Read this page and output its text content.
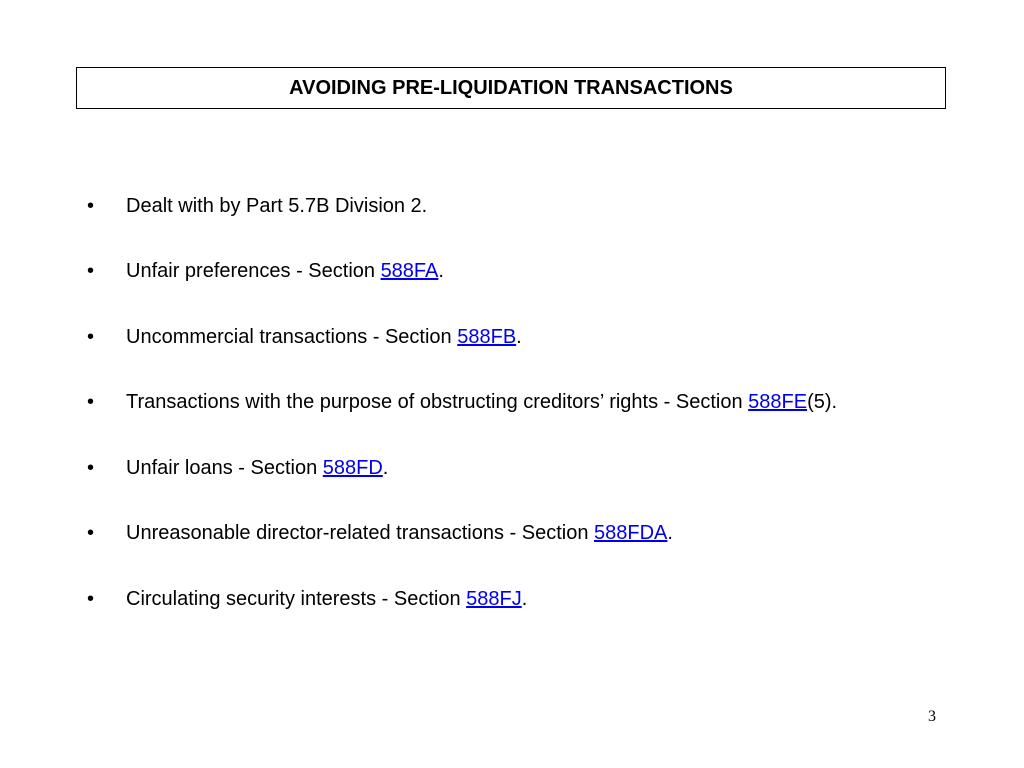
AVOIDING PRE-LIQUIDATION TRANSACTIONS
• Dealt with by Part 5.7B Division 2.
• Unfair preferences - Section 588FA.
• Uncommercial transactions - Section 588FB.
• Transactions with the purpose of obstructing creditors’ rights - Section 588FE(5).
• Unfair loans - Section 588FD.
• Unreasonable director-related transactions - Section 588FDA.
• Circulating security interests - Section 588FJ.
3
